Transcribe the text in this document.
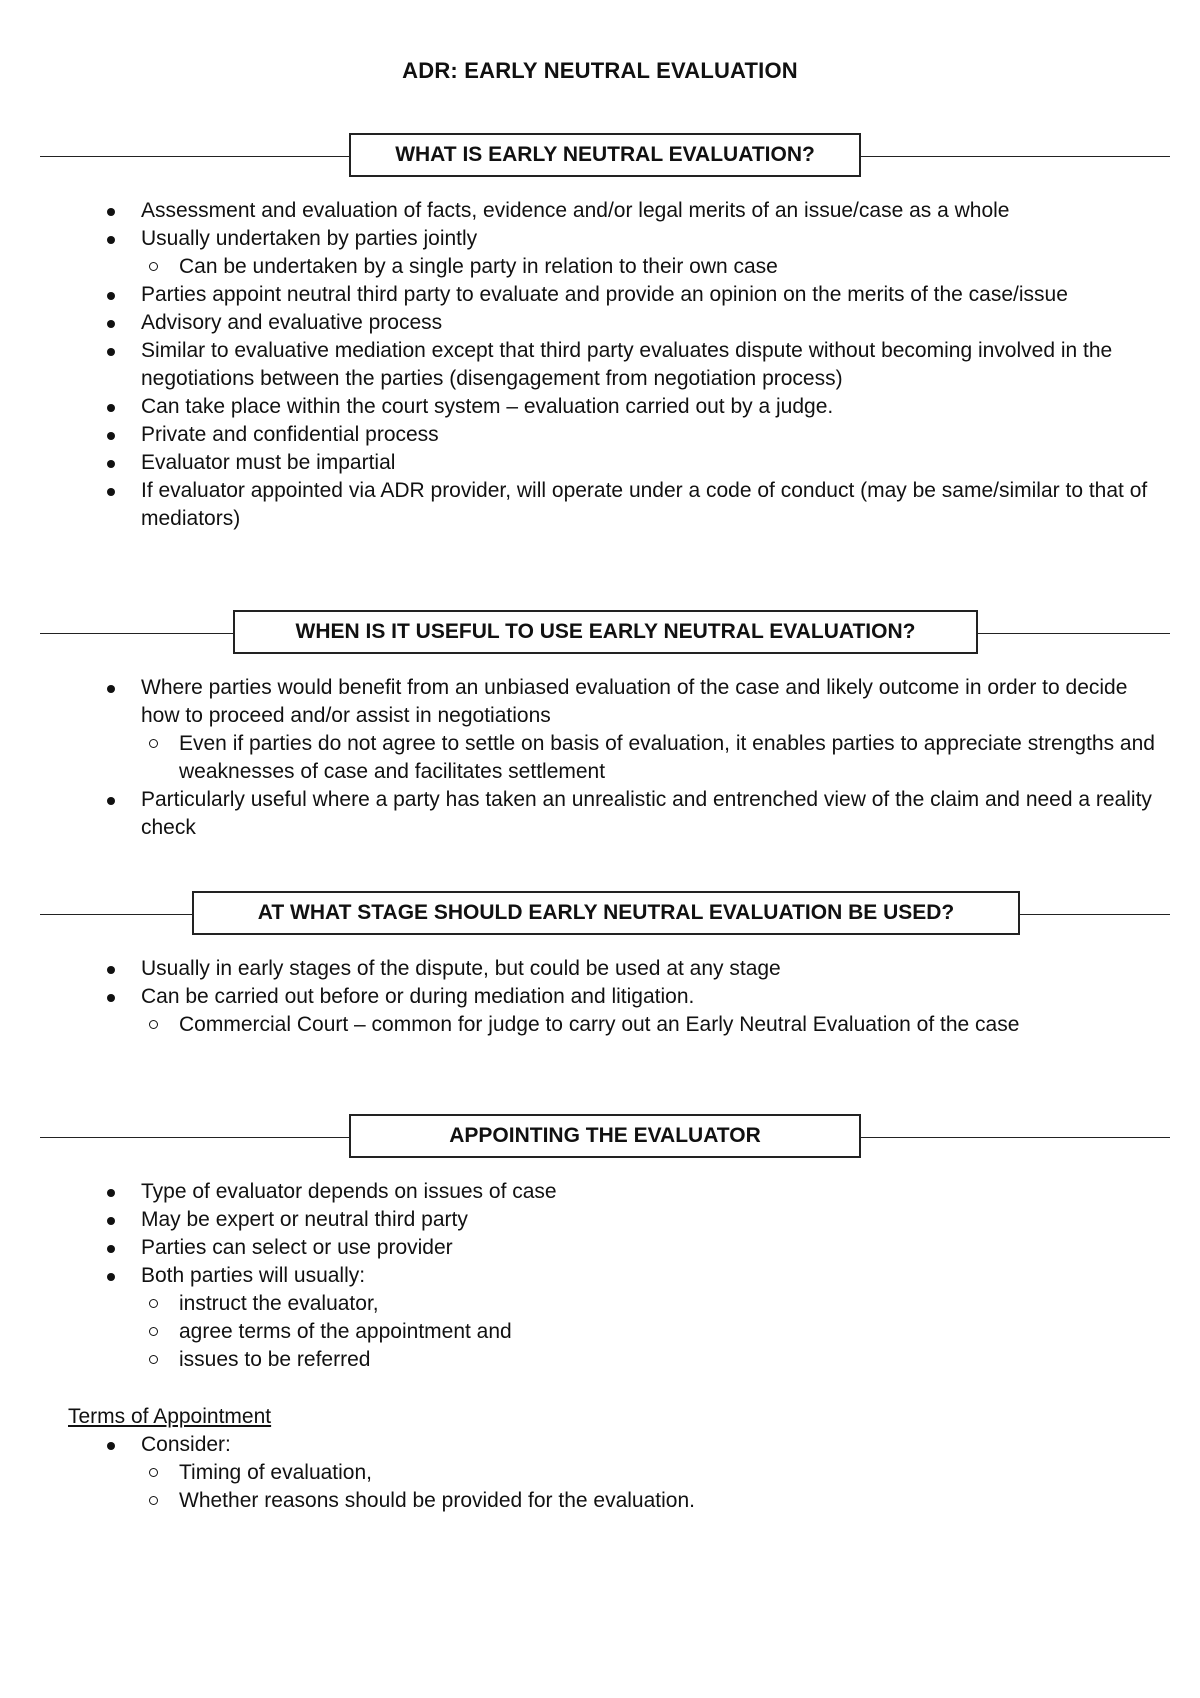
ADR: EARLY NEUTRAL EVALUATION
WHAT IS EARLY NEUTRAL EVALUATION?
Assessment and evaluation of facts, evidence and/or legal merits of an issue/case as a whole
Usually undertaken by parties jointly
Can be undertaken by a single party in relation to their own case
Parties appoint neutral third party to evaluate and provide an opinion on the merits of the case/issue
Advisory and evaluative process
Similar to evaluative mediation except that third party evaluates dispute without becoming involved in the negotiations between the parties (disengagement from negotiation process)
Can take place within the court system – evaluation carried out by a judge.
Private and confidential process
Evaluator must be impartial
If evaluator appointed via ADR provider, will operate under a code of conduct (may be same/similar to that of mediators)
WHEN IS IT USEFUL TO USE EARLY NEUTRAL EVALUATION?
Where parties would benefit from an unbiased evaluation of the case and likely outcome in order to decide how to proceed and/or assist in negotiations
Even if parties do not agree to settle on basis of evaluation, it enables parties to appreciate strengths and weaknesses of case and facilitates settlement
Particularly useful where a party has taken an unrealistic and entrenched view of the claim and need a reality check
AT WHAT STAGE SHOULD EARLY NEUTRAL EVALUATION BE USED?
Usually in early stages of the dispute, but could be used at any stage
Can be carried out before or during mediation and litigation.
Commercial Court – common for judge to carry out an Early Neutral Evaluation of the case
APPOINTING THE EVALUATOR
Type of evaluator depends on issues of case
May be expert or neutral third party
Parties can select or use provider
Both parties will usually:
instruct the evaluator,
agree terms of the appointment and
issues to be referred
Terms of Appointment
Consider:
Timing of evaluation,
Whether reasons should be provided for the evaluation.
